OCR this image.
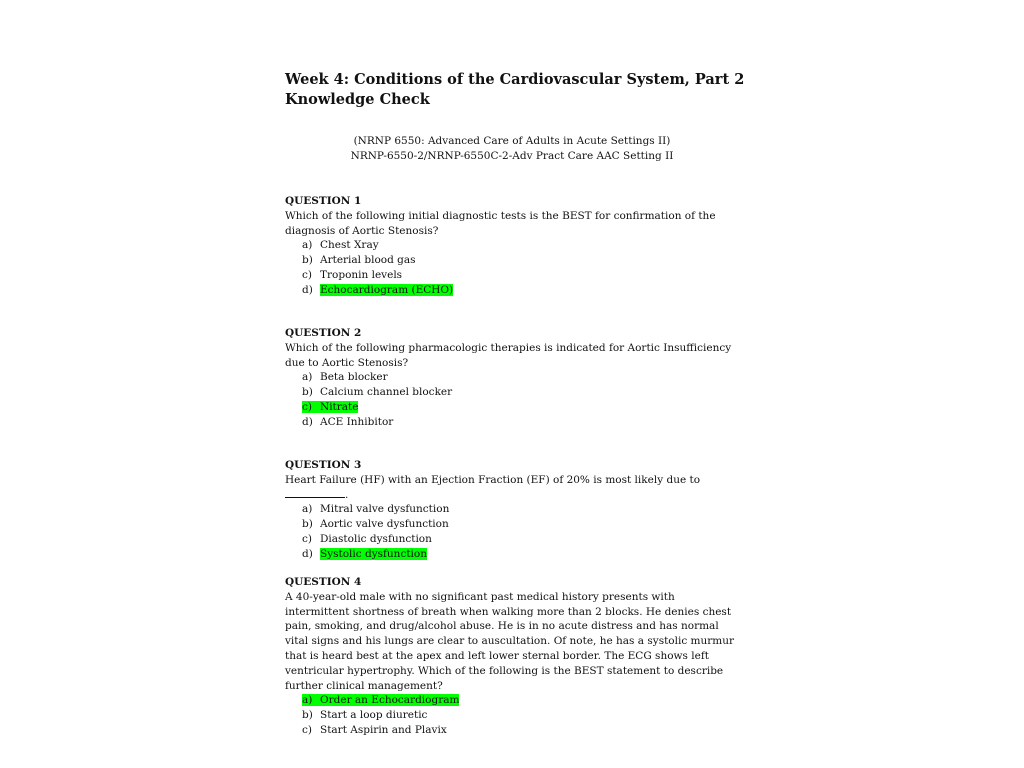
Week 4: Conditions of the Cardiovascular System, Part 2
Knowledge Check
(NRNP 6550: Advanced Care of Adults in Acute Settings II)
NRNP-6550-2/NRNP-6550C-2-Adv Pract Care AAC Setting II
QUESTION 1
Which of the following initial diagnostic tests is the BEST for confirmation of the diagnosis of Aortic Stenosis?
a) Chest Xray
b) Arterial blood gas
c) Troponin levels
d) Echocardiogram (ECHO)
QUESTION 2
Which of the following pharmacologic therapies is indicated for Aortic Insufficiency due to Aortic Stenosis?
a) Beta blocker
b) Calcium channel blocker
c) Nitrate
d) ACE Inhibitor
QUESTION 3
Heart Failure (HF) with an Ejection Fraction (EF) of 20% is most likely due to.
a) Mitral valve dysfunction
b) Aortic valve dysfunction
c) Diastolic dysfunction
d) Systolic dysfunction
QUESTION 4
A 40-year-old male with no significant past medical history presents with intermittent shortness of breath when walking more than 2 blocks. He denies chest pain, smoking, and drug/alcohol abuse. He is in no acute distress and has normal vital signs and his lungs are clear to auscultation. Of note, he has a systolic murmur that is heard best at the apex and left lower sternal border. The ECG shows left ventricular hypertrophy. Which of the following is the BEST statement to describe further clinical management?
a) Order an Echocardiogram
b) Start a loop diuretic
c) Start Aspirin and Plavix
